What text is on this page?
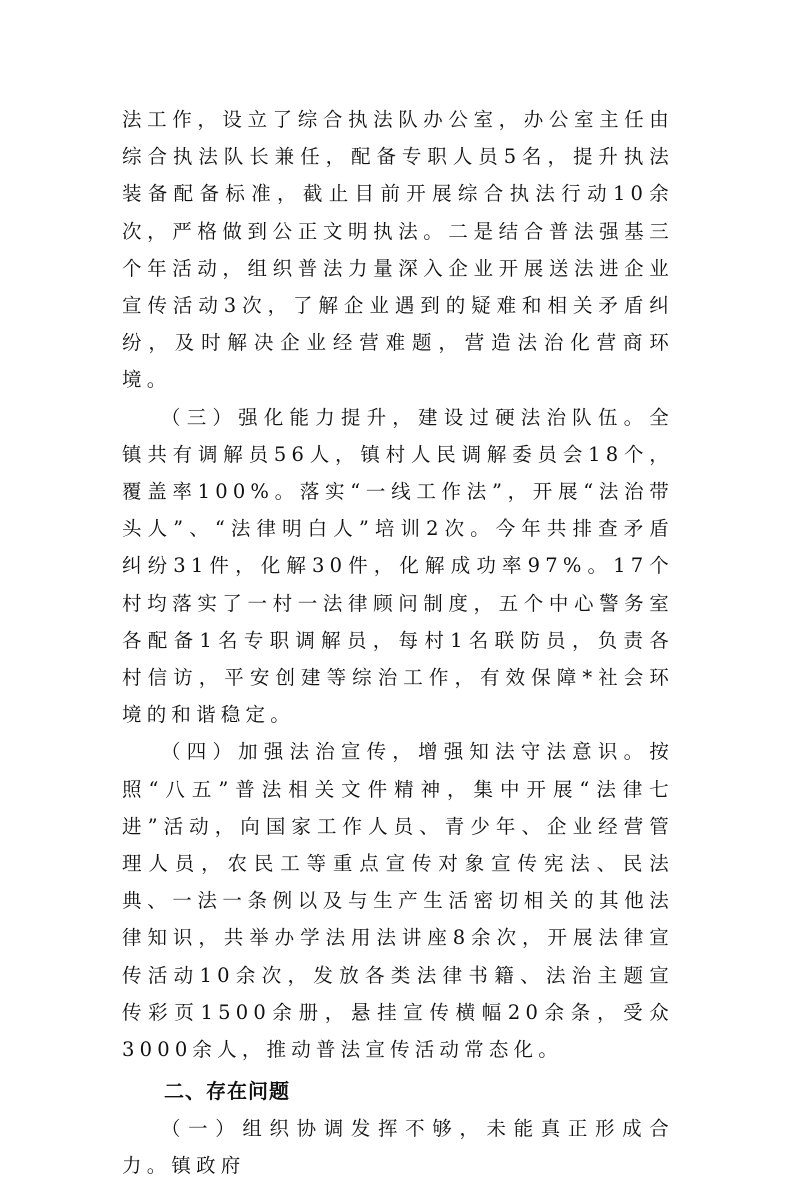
法工作，设立了综合执法队办公室，办公室主任由综合执法队长兼任，配备专职人员5名，提升执法装备配备标准，截止目前开展综合执法行动10余次，严格做到公正文明执法。二是结合普法强基三个年活动，组织普法力量深入企业开展送法进企业宣传活动3次，了解企业遇到的疑难和相关矛盾纠纷，及时解决企业经营难题，营造法治化营商环境。

（三）强化能力提升，建设过硬法治队伍。全镇共有调解员56人，镇村人民调解委员会18个，覆盖率100%。落实“一线工作法”，开展“法治带头人”、“法律明白人”培训2次。今年共排查矛盾纠纷31件，化解30件，化解成功率97%。17个村均落实了一村一法律顾问制度，五个中心警务室各配备1名专职调解员，每村1名联防员，负责各村信访，平安创建等综治工作，有效保障*社会环境的和谐稳定。

（四）加强法治宣传，增强知法守法意识。按照“八五”普法相关文件精神，集中开展“法律七进”活动，向国家工作人员、青少年、企业经营管理人员，农民工等重点宣传对象宣传宪法、民法典、一法一条例以及与生产生活密切相关的其他法律知识，共举办学法用法讲座8余次，开展法律宣传活动10余次，发放各类法律书籍、法治主题宣传彩页1500余册，悬挂宣传横幅20余条，受众3000余人，推动普法宣传活动常态化。

二、存在问题

（一）组织协调发挥不够，未能真正形成合力。镇政府
